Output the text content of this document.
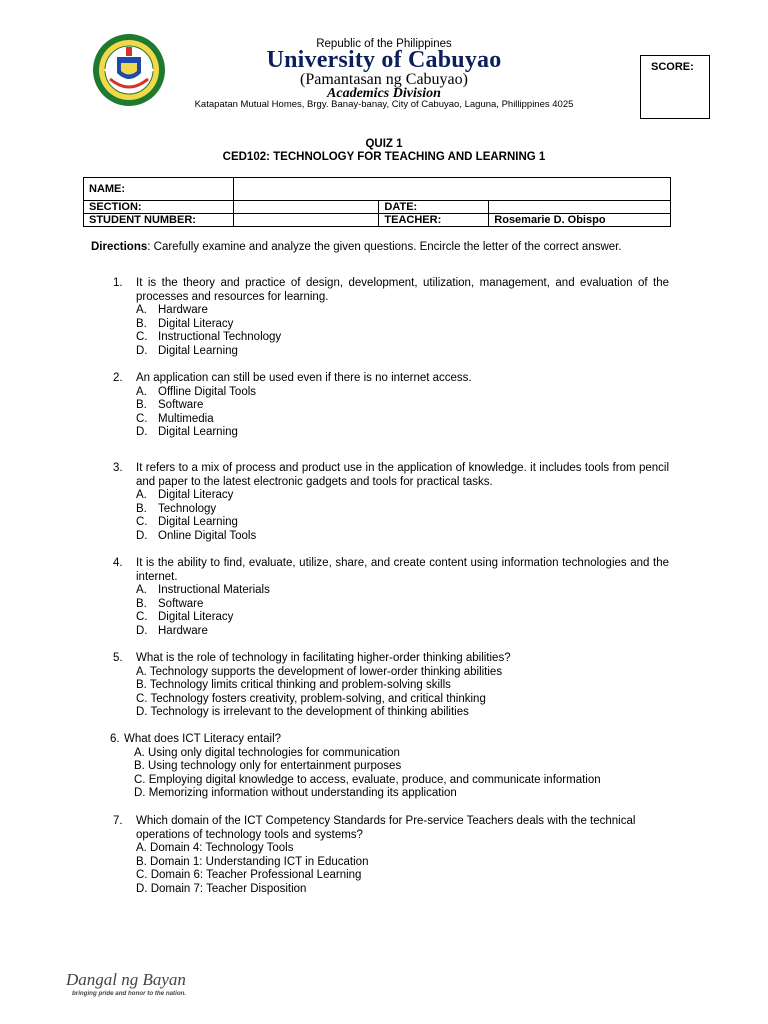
Republic of the Philippines
University of Cabuyao
(Pamantasan ng Cabuyao)
Academics Division
Katapatan Mutual Homes, Brgy. Banay-banay, City of Cabuyao, Laguna, Phillippines 4025
SCORE:
QUIZ 1
CED102: TECHNOLOGY FOR TEACHING AND LEARNING 1
NAME:			
SECTION:		DATE:	
STUDENT NUMBER:		TEACHER:	Rosemarie D. Obispo
Directions: Carefully examine and analyze the given questions. Encircle the letter of the correct answer.
1. It is the theory and practice of design, development, utilization, management, and evaluation of the processes and resources for learning.
A. Hardware
B. Digital Literacy
C. Instructional Technology
D. Digital Learning
2. An application can still be used even if there is no internet access.
A. Offline Digital Tools
B. Software
C. Multimedia
D. Digital Learning
3. It refers to a mix of process and product use in the application of knowledge. it includes tools from pencil and paper to the latest electronic gadgets and tools for practical tasks.
A. Digital Literacy
B. Technology
C. Digital Learning
D. Online Digital Tools
4. It is the ability to find, evaluate, utilize, share, and create content using information technologies and the internet.
A. Instructional Materials
B. Software
C. Digital Literacy
D. Hardware
5. What is the role of technology in facilitating higher-order thinking abilities?
A. Technology supports the development of lower-order thinking abilities
B. Technology limits critical thinking and problem-solving skills
C. Technology fosters creativity, problem-solving, and critical thinking
D. Technology is irrelevant to the development of thinking abilities
6. What does ICT Literacy entail?
A. Using only digital technologies for communication
B. Using technology only for entertainment purposes
C. Employing digital knowledge to access, evaluate, produce, and communicate information
D. Memorizing information without understanding its application
7. Which domain of the ICT Competency Standards for Pre-service Teachers deals with the technical operations of technology tools and systems?
A. Domain 4: Technology Tools
B. Domain 1: Understanding ICT in Education
C. Domain 6: Teacher Professional Learning
D. Domain 7: Teacher Disposition
Dangal ng Bayan
bringing pride and honor to the nation.
